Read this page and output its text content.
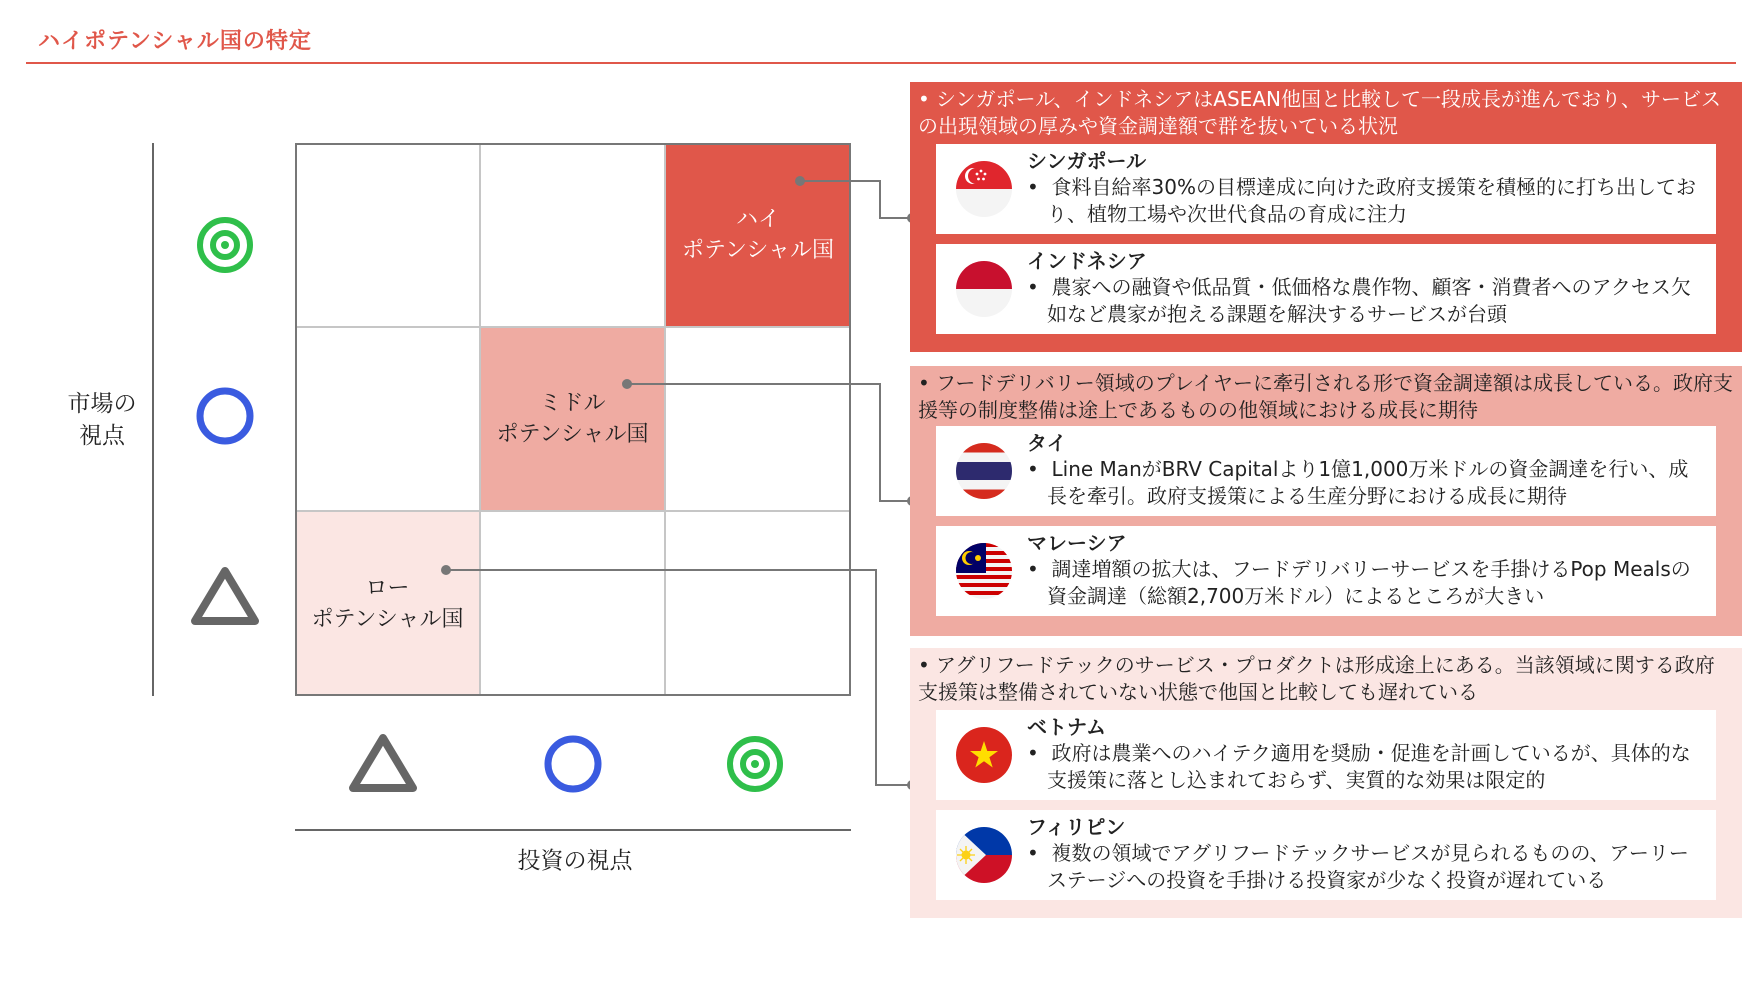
ハイポテンシャル国の特定
市場の
視点
投資の視点
ハイ
ポテンシャル国
ミドル
ポテンシャル国
ロー
ポテンシャル国
• シンガポール、インドネシアはASEAN他国と比較して一段成長が進んでおり、サービスの出現領域の厚みや資金調達額で群を抜いている状況
シンガポール
•  食料自給率30%の目標達成に向けた政府支援策を積極的に打ち出しており、植物工場や次世代食品の育成に注力
インドネシア
•  農家への融資や低品質・低価格な農作物、顧客・消費者へのアクセス欠如など農家が抱える課題を解決するサービスが台頭
• フードデリバリー領域のプレイヤーに牽引される形で資金調達額は成長している。政府支援等の制度整備は途上であるものの他領域における成長に期待
タイ
•  Line ManがBRV Capitalより1億1,000万米ドルの資金調達を行い、成長を牽引。政府支援策による生産分野における成長に期待
マレーシア
•  調達増額の拡大は、フードデリバリーサービスを手掛けるPop Mealsの資金調達（総額2,700万米ドル）によるところが大きい
• アグリフードテックのサービス・プロダクトは形成途上にある。当該領域に関する政府支援策は整備されていない状態で他国と比較しても遅れている
ベトナム
•  政府は農業へのハイテク適用を奨励・促進を計画しているが、具体的な支援策に落とし込まれておらず、実質的な効果は限定的
フィリピン
•  複数の領域でアグリフードテックサービスが見られるものの、アーリーステージへの投資を手掛ける投資家が少なく投資が遅れている
